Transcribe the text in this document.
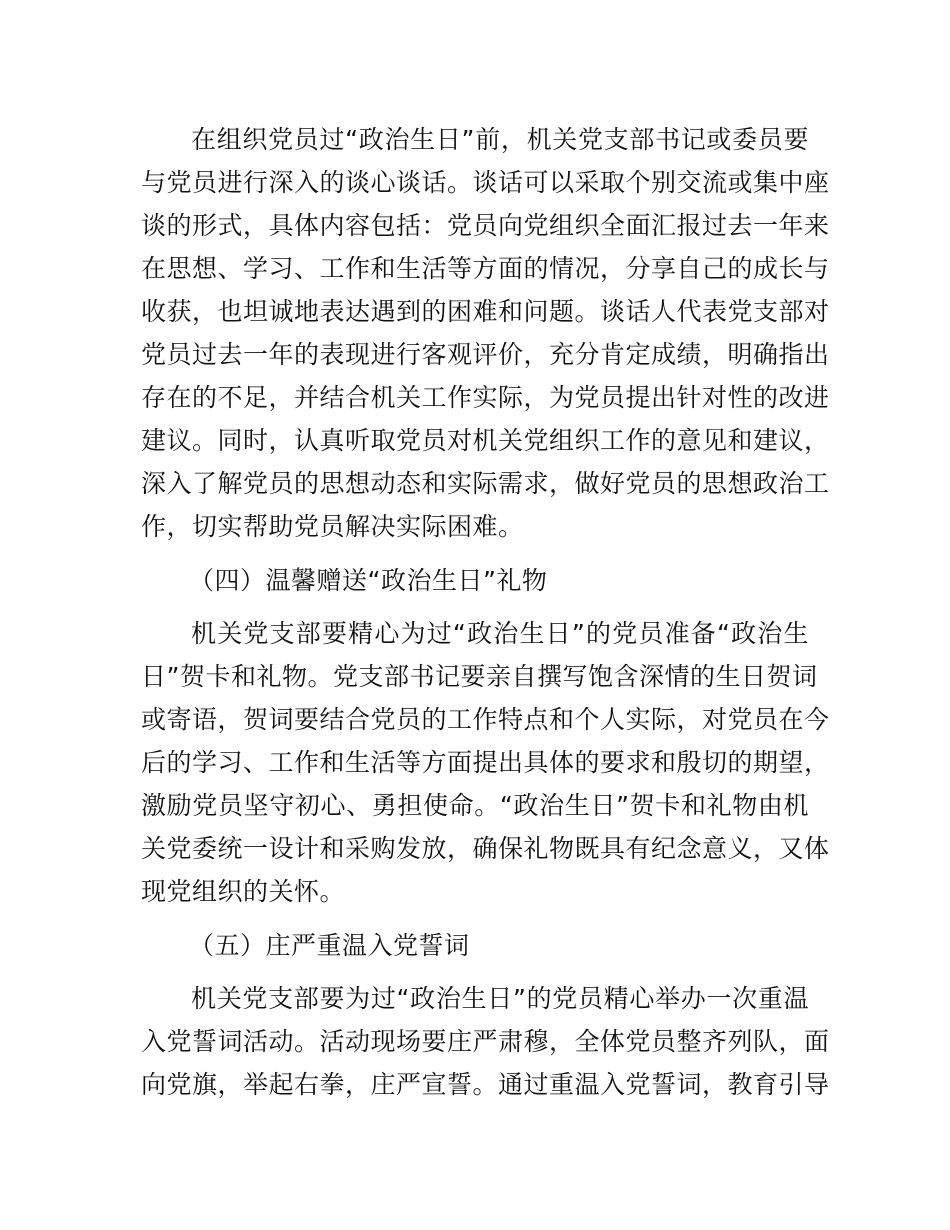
在组织党员过“政治生日”前，机关党支部书记或委员要
与党员进行深入的谈心谈话。谈话可以采取个别交流或集中座
谈的形式，具体内容包括：党员向党组织全面汇报过去一年来
在思想、学习、工作和生活等方面的情况，分享自己的成长与
收获，也坦诚地表达遇到的困难和问题。谈话人代表党支部对
党员过去一年的表现进行客观评价，充分肯定成绩，明确指出
存在的不足，并结合机关工作实际，为党员提出针对性的改进
建议。同时，认真听取党员对机关党组织工作的意见和建议，
深入了解党员的思想动态和实际需求，做好党员的思想政治工
作，切实帮助党员解决实际困难。
（四）温馨赠送“政治生日”礼物
机关党支部要精心为过“政治生日”的党员准备“政治生
日”贺卡和礼物。党支部书记要亲自撰写饱含深情的生日贺词
或寄语，贺词要结合党员的工作特点和个人实际，对党员在今
后的学习、工作和生活等方面提出具体的要求和殷切的期望，
激励党员坚守初心、勇担使命。“政治生日”贺卡和礼物由机
关党委统一设计和采购发放，确保礼物既具有纪念意义，又体
现党组织的关怀。
（五）庄严重温入党誓词
机关党支部要为过“政治生日”的党员精心举办一次重温
入党誓词活动。活动现场要庄严肃穆，全体党员整齐列队，面
向党旗，举起右拳，庄严宣誓。通过重温入党誓词，教育引导
